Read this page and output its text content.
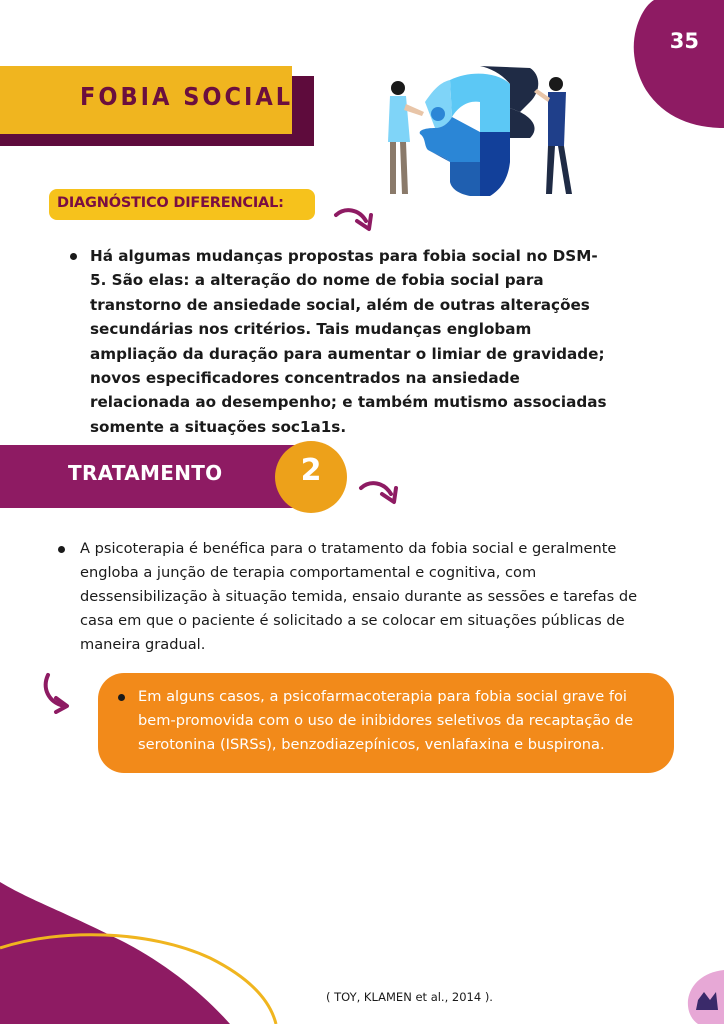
35
FOBIA SOCIAL
DIAGNÓSTICO DIFERENCIAL:
Há algumas mudanças propostas para fobia social no DSM-5. São elas: a alteração do nome de fobia social para transtorno de ansiedade social, além de outras alterações secundárias nos critérios. Tais mudanças englobam ampliação da duração para aumentar o limiar de gravidade; novos especificadores concentrados na ansiedade relacionada ao desempenho; e também mutismo associadas somente a situações soc1a1s.
TRATAMENTO	2
A psicoterapia é benéfica para o tratamento da fobia social e geralmente engloba a junção de terapia comportamental e cognitiva, com dessensibilização à situação temida, ensaio durante as sessões e tarefas de casa em que o paciente é solicitado a se colocar em situações públicas de maneira gradual.
Em alguns casos, a psicofarmacoterapia para fobia social grave foi bem-promovida com o uso de inibidores seletivos da recaptação de serotonina (ISRSs), benzodiazepínicos, venlafaxina e buspirona.
( TOY, KLAMEN et al., 2014 ).
